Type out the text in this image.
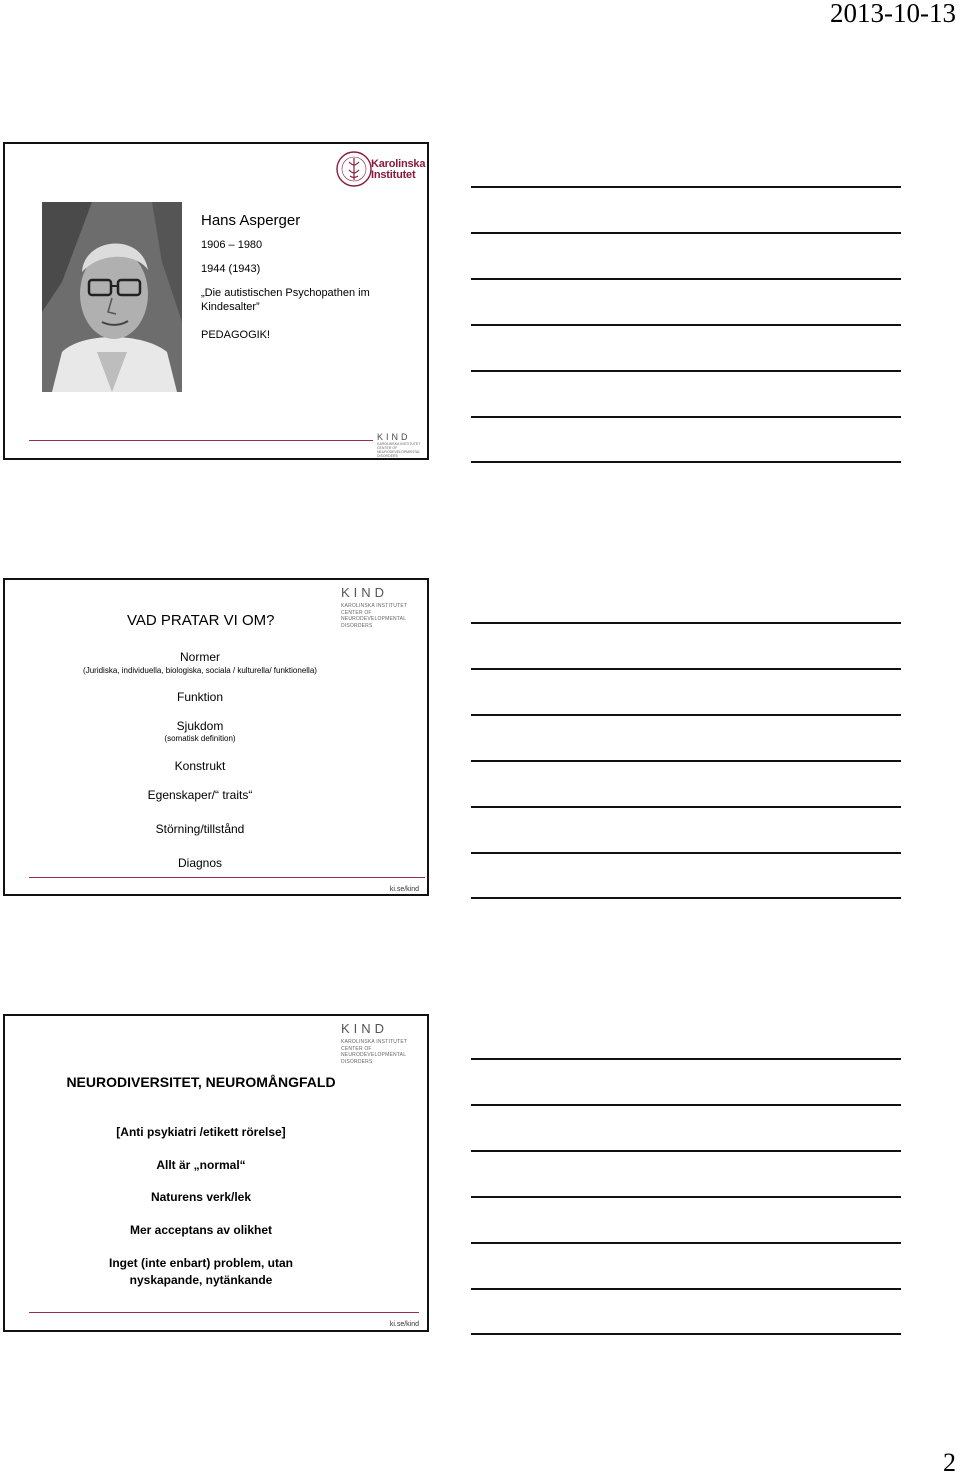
2013-10-13
Karolinska
Institutet
Hans Asperger
1906 – 1980
1944 (1943)
„Die autistischen Psychopathen im Kindesalter”
PEDAGOGIK!
KIND
KAROLINSKA INSTITUTET CENTER OF NEURODEVELOPMENTAL DISORDERS
KIND
KAROLINSKA INSTITUTET
CENTER OF NEURODEVELOPMENTAL
DISORDERS
VAD PRATAR VI OM?
Normer
(Juridiska, individuella, biologiska, sociala / kulturella/ funktionella)
Funktion
Sjukdom
(somatisk definition)
Konstrukt
Egenskaper/“ traits“
Störning/tillstånd
Diagnos
ki.se/kind
KIND
KAROLINSKA INSTITUTET
CENTER OF NEURODEVELOPMENTAL
DISORDERS
NEURODIVERSITET, NEUROMÅNGFALD
[Anti psykiatri /etikett rörelse]
Allt är „normal“
Naturens verk/lek
Mer acceptans av olikhet
Inget (inte enbart) problem, utan
nyskapande, nytänkande
ki.se/kind
2
